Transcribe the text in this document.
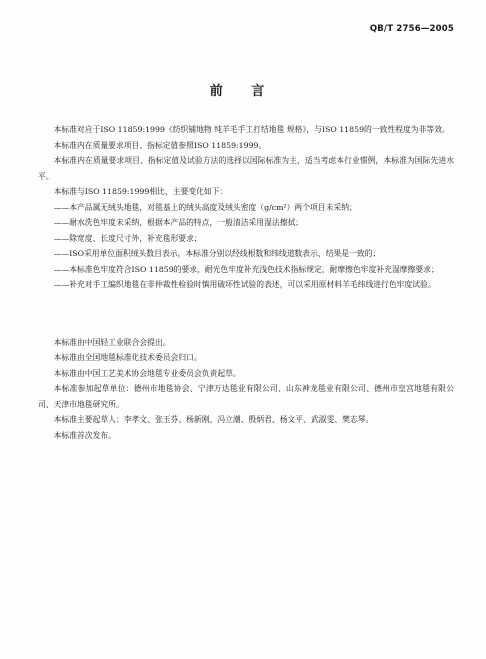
QB/T 2756—2005
前 言

本标准对应于ISO 11859:1999《纺织铺地物 纯羊毛手工打结地毯 规格》，与ISO 11859的一致性程度为非等效。

本标准内在质量要求项目、指标定值参照ISO 11859:1999。

本标准内在质量要求项目、指标定值及试验方法的选择以国际标准为主，适当考虑本行业惯例，本标准为国际先进水平。

本标准与ISO 11859:1999相比，主要变化如下：

——本产品属无绒头地毯，对毯基上的绒头高度及绒头密度（g/cm²）两个项目未采纳；

——耐水洗色牢度未采纳，根据本产品的特点，一般清洁采用湿法擦拭；

——除宽度、长度尺寸外，补充毯形要求；

——ISO采用单位面积绒头数目表示，本标准分别以经线根数和纬线道数表示，结果是一致的；

——本标准色牢度符合ISO 11859的要求，耐光色牢度补充浅色技术指标规定，耐摩擦色牢度补充湿摩擦要求；

——补充对手工编织地毯在非仲裁性检验时慎用破坏性试验的表述，可以采用原材料羊毛纬线进行色牢度试验。

本标准由中国轻工业联合会提出。

本标准由全国地毯标准化技术委员会归口。

本标准由中国工艺美术协会地毯专业委员会负责起草。

本标准参加起草单位：德州市地毯协会、宁津万达毯业有限公司、山东神龙毯业有限公司、德州市皇宫地毯有限公司、天津市地毯研究所。

本标准主要起草人：李孝文、张玉芬、杨新刚、冯立潮、殷炳君、杨文平、武淑雯、樊志琴。

本标准首次发布。
